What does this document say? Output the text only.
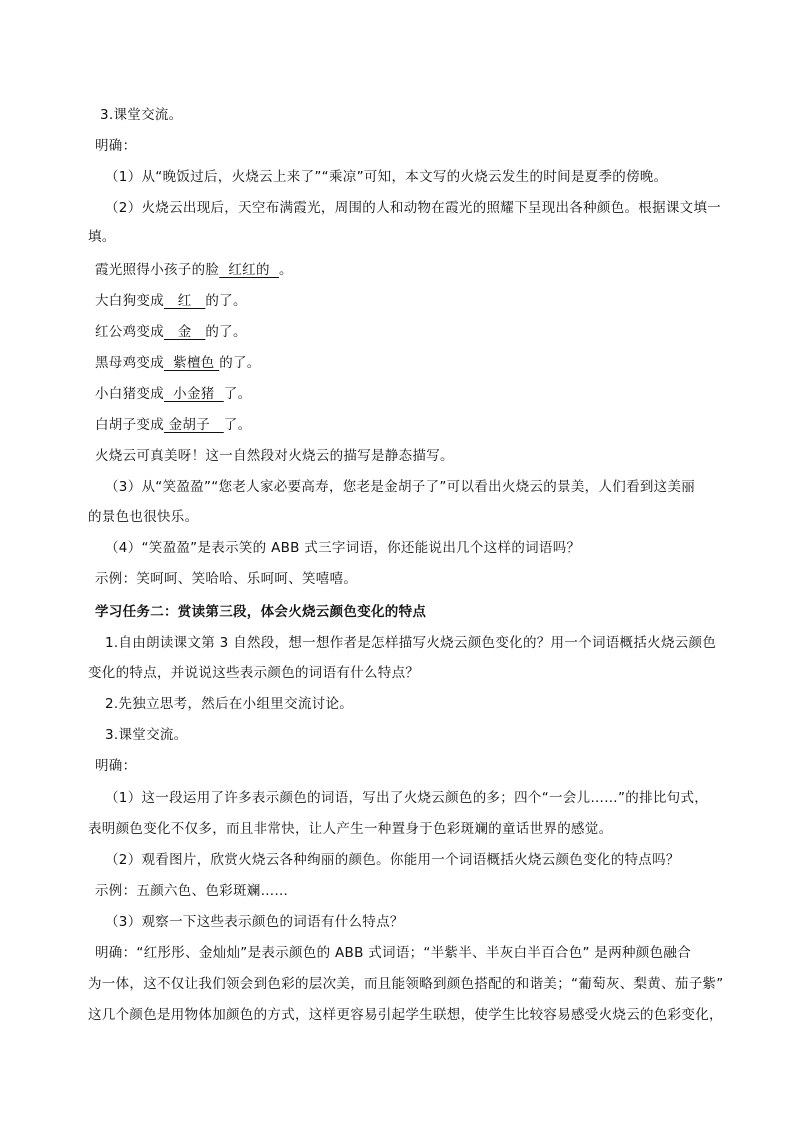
3.课堂交流。
明确：
（1）从“晚饭过后，火烧云上来了”“乘凉”可知，本文写的火烧云发生的时间是夏季的傍晚。
（2）火烧云出现后，天空布满霞光，周围的人和动物在霞光的照耀下呈现出各种颜色。根据课文填一
填。
霞光照得小孩子的脸  红红的  。
大白狗变成   红   的了。
红公鸡变成   金   的了。
黑母鸡变成  紫檀色 的了。
小白猪变成  小金猪  了。
白胡子变成 金胡子   了。
火烧云可真美呀！这一自然段对火烧云的描写是静态描写。
（3）从“笑盈盈”“您老人家必要高寿，您老是金胡子了”可以看出火烧云的景美，人们看到这美丽
的景色也很快乐。
（4）“笑盈盈”是表示笑的 ABB 式三字词语，你还能说出几个这样的词语吗？
示例：笑呵呵、笑哈哈、乐呵呵、笑嘻嘻。
学习任务二：赏读第三段，体会火烧云颜色变化的特点
1.自由朗读课文第 3 自然段，想一想作者是怎样描写火烧云颜色变化的？用一个词语概括火烧云颜色
变化的特点，并说说这些表示颜色的词语有什么特点？
2.先独立思考，然后在小组里交流讨论。
3.课堂交流。
明确：
（1）这一段运用了许多表示颜色的词语，写出了火烧云颜色的多；四个“一会儿……”的排比句式，
表明颜色变化不仅多，而且非常快，让人产生一种置身于色彩斑斓的童话世界的感觉。
（2）观看图片，欣赏火烧云各种绚丽的颜色。你能用一个词语概括火烧云颜色变化的特点吗？
示例：五颜六色、色彩斑斓……
（3）观察一下这些表示颜色的词语有什么特点？
明确：“红彤彤、金灿灿”是表示颜色的 ABB 式词语；“半紫半、半灰白半百合色” 是两种颜色融合
为一体，这不仅让我们领会到色彩的层次美，而且能领略到颜色搭配的和谐美；“葡萄灰、梨黄、茄子紫”
这几个颜色是用物体加颜色的方式，这样更容易引起学生联想，使学生比较容易感受火烧云的色彩变化，
